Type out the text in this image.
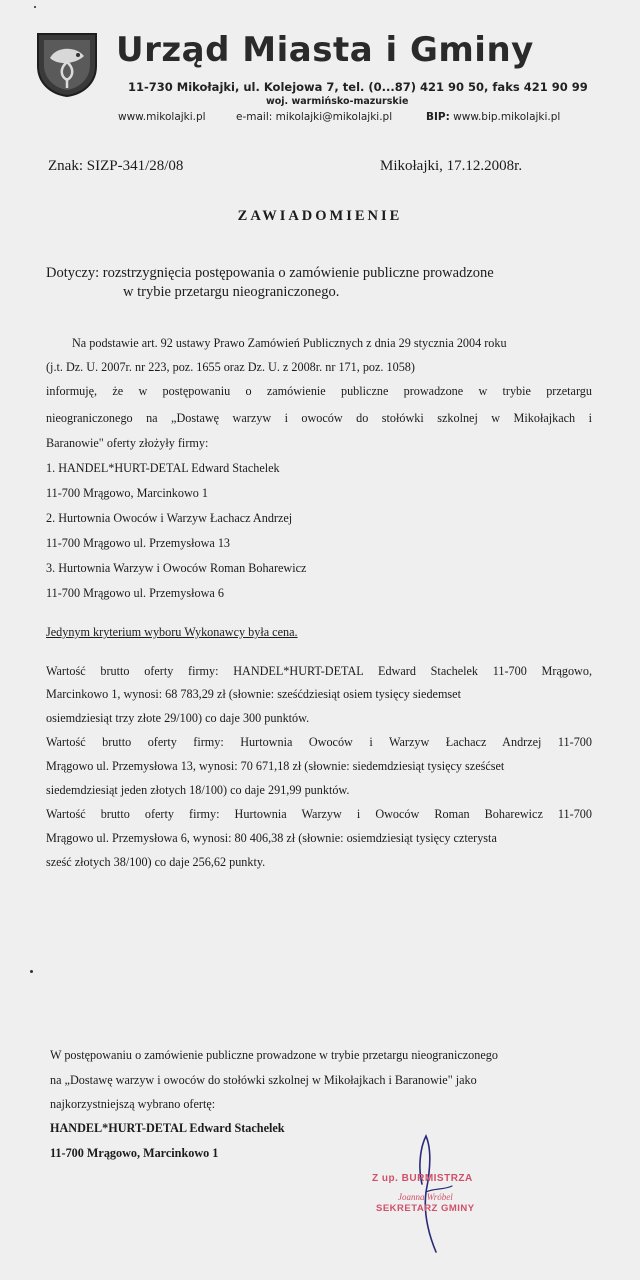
Urząd Miasta i Gminy
11-730 Mikołajki, ul. Kolejowa 7, tel. (0...87) 421 90 50, faks 421 90 99
woj. warmińsko-mazurskie
www.mikolajki.pl	e-mail: mikolajki@mikolajki.pl	BIP: www.bip.mikolajki.pl
Znak: SIZP-341/28/08	Mikołajki, 17.12.2008r.
ZAWIADOMIENIE
Dotyczy: rozstrzygnięcia postępowania o zamówienie publiczne prowadzone
w trybie przetargu nieograniczonego.
Na podstawie art. 92 ustawy Prawo Zamówień Publicznych z dnia 29 stycznia 2004 roku
(j.t. Dz. U. 2007r. nr 223, poz. 1655 oraz Dz. U. z 2008r. nr 171, poz. 1058)
informuję, że w postępowaniu o zamówienie publiczne prowadzone w trybie przetargu
nieograniczonego na „Dostawę warzyw i owoców do stołówki szkolnej w Mikołajkach i
Baranowie" oferty złożyły firmy:
1. HANDEL*HURT-DETAL Edward Stachelek
11-700 Mrągowo, Marcinkowo 1
2. Hurtownia Owoców i Warzyw Łachacz Andrzej
11-700 Mrągowo ul. Przemysłowa 13
3. Hurtownia Warzyw i Owoców Roman Boharewicz
11-700 Mrągowo ul. Przemysłowa 6
Jedynym kryterium wyboru Wykonawcy była cena.
Wartość brutto oferty firmy: HANDEL*HURT-DETAL Edward Stachelek 11-700 Mrągowo,
Marcinkowo 1, wynosi: 68 783,29 zł (słownie: sześćdziesiąt osiem tysięcy siedemset
osiemdziesiąt trzy złote 29/100) co daje 300 punktów.
Wartość brutto oferty firmy: Hurtownia Owoców i Warzyw Łachacz Andrzej 11-700
Mrągowo ul. Przemysłowa 13, wynosi: 70 671,18 zł (słownie: siedemdziesiąt tysięcy sześćset
siedemdziesiąt jeden złotych 18/100) co daje 291,99 punktów.
Wartość brutto oferty firmy: Hurtownia Warzyw i Owoców Roman Boharewicz 11-700
Mrągowo ul. Przemysłowa 6, wynosi: 80 406,38 zł (słownie: osiemdziesiąt tysięcy czterysta
sześć złotych 38/100) co daje 256,62 punkty.
W postępowaniu o zamówienie publiczne prowadzone w trybie przetargu nieograniczonego
na „Dostawę warzyw i owoców do stołówki szkolnej w Mikołajkach i Baranowie" jako
najkorzystniejszą wybrano ofertę:
HANDEL*HURT-DETAL Edward Stachelek
11-700 Mrągowo, Marcinkowo 1
Z up. BURMISTRZA
Joanna Wróbel
SEKRETARZ GMINY
